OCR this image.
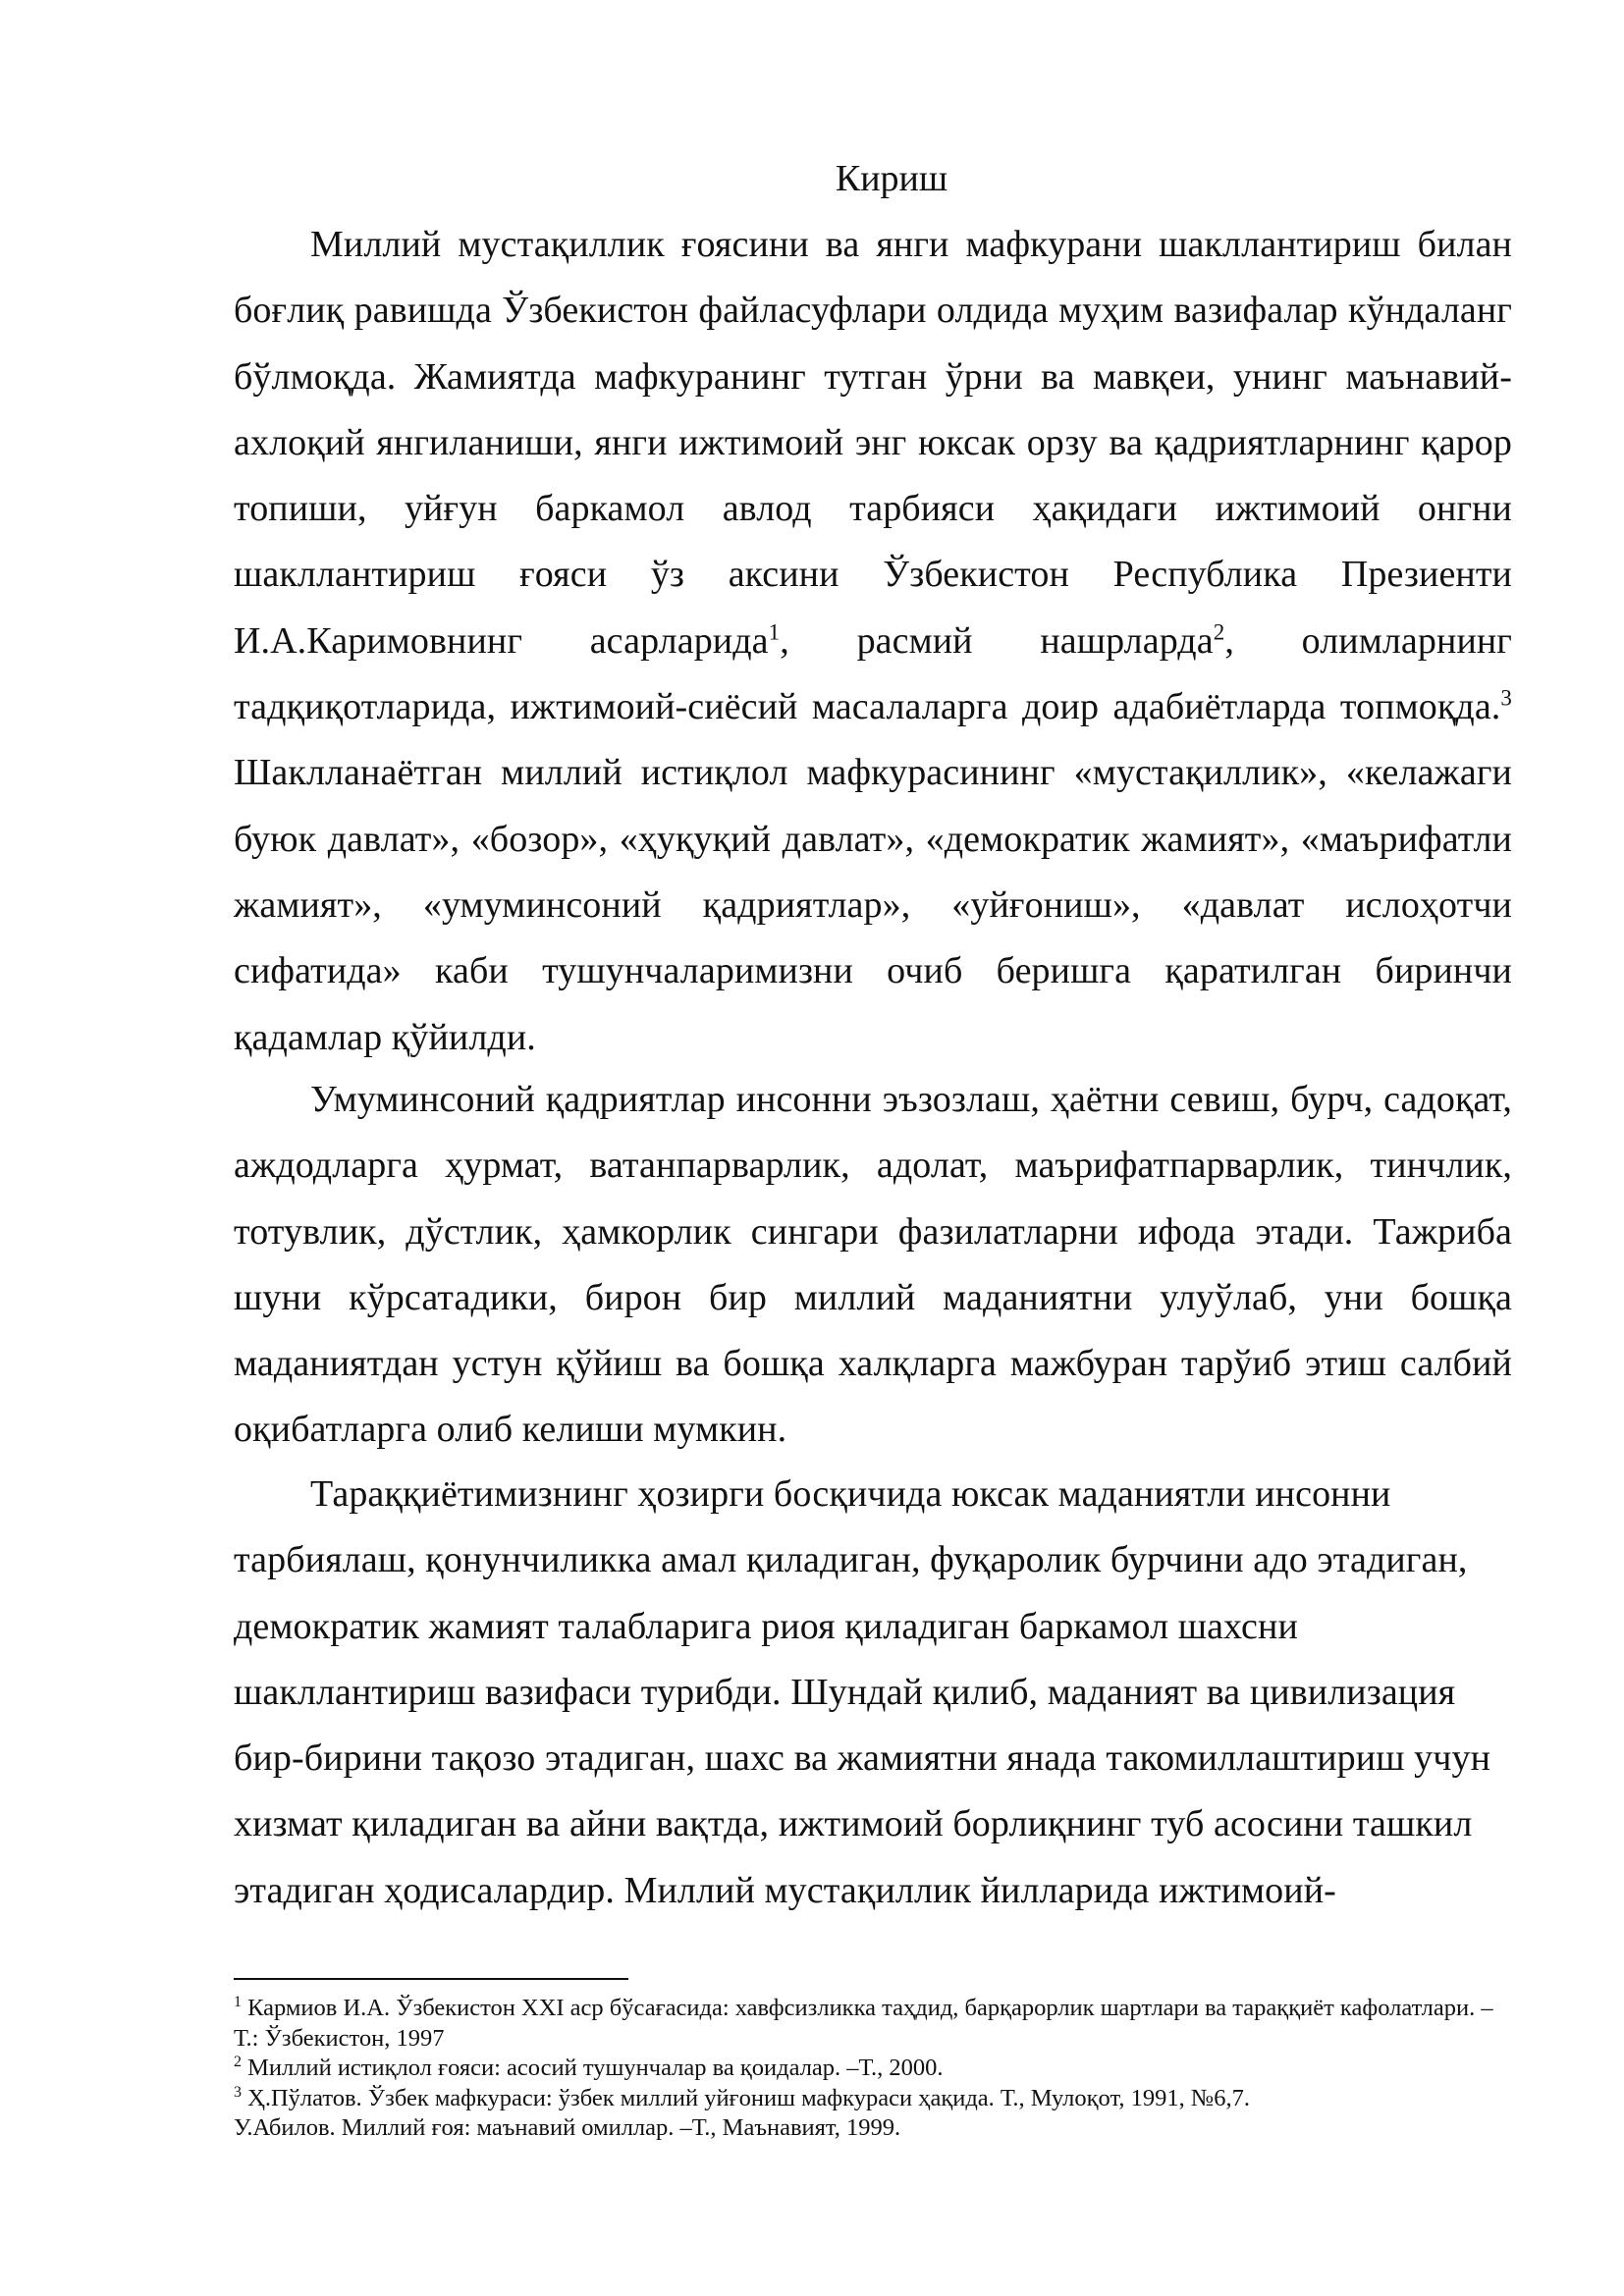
Кириш

Миллий мустақиллик ғоясини ва янги мафкурани шакллантириш билан боғлиқ равишда Ўзбекистон файласуфлари олдида муҳим вазифалар кўндаланг бўлмоқда. Жамиятда мафкуранинг тутган ўрни ва мавқеи, унинг маънавий-ахлоқий янгиланиши, янги ижтимоий энг юксак орзу ва қадриятларнинг қарор топиши, уйғун баркамол авлод тарбияси ҳақидаги ижтимоий онгни шакллантириш ғояси ўз аксини Ўзбекистон Республика Презиенти И.А.Каримовнинг асарларида$^1$, расмий нашрларда$^2$, олимларнинг тадқиқотларида, ижтимоий-сиёсий масалаларга доир адабиётларда топмоқда.$^3$ Шаклланаётган миллий истиқлол мафкурасининг «мустақиллик», «келажаги буюк давлат», «бозор», «ҳуқуқий давлат», «демократик жамият», «маърифатли жамият», «умуминсоний қадриятлар», «уйғониш», «давлат ислоҳотчи сифатида» каби тушунчаларимизни очиб беришга қаратилган биринчи қадамлар қўйилди.

Умуминсоний қадриятлар инсонни эъзозлаш, ҳаётни севиш, бурч, садоқат, аждодларга ҳурмат, ватанпарварлик, адолат, маърифатпарварлик, тинчлик, тотувлик, дўстлик, ҳамкорлик сингари фазилатларни ифода этади. Тажриба шуни кўрсатадики, бирон бир миллий маданиятни улуўлаб, уни бошқа маданиятдан устун қўйиш ва бошқа халқларга мажбуран тарўиб этиш салбий оқибатларга олиб келиши мумкин.

Тараққиётимизнинг ҳозирги босқичида юксак маданиятли инсонни тарбиялаш, қонунчиликка амал қиладиган, фуқаролик бурчини адо этадиган, демократик жамият талабларига риоя қиладиган баркамол шахсни шакллантириш вазифаси турибди. Шундай қилиб, маданият ва цивилизация бир-бирини тақозо этадиган, шахс ва жамиятни янада такомиллаштириш учун хизмат қиладиган ва айни вақтда, ижтимоий борлиқнинг туб асосини ташкил этадиган ҳодисалардир. Миллий мустақиллик йилларида ижтимоий-

$^1$ Кармиов И.А. Ўзбекистон XXI аср бўсағасида: хавфсизликка таҳдид, барқарорлик шартлари ва тараққиёт кафолатлари. –Т.: Ўзбекистон, 1997

$^2$ Миллий истиқлол ғояси: асосий тушунчалар ва қоидалар. –Т., 2000.

$^3$ Ҳ.Пўлатов. Ўзбек мафкураси: ўзбек миллий уйғониш мафкураси ҳақида. Т., Мулоқот, 1991, №6,7.

У.Абилов. Миллий ғоя: маънавий омиллар. –Т., Маънавият, 1999.
